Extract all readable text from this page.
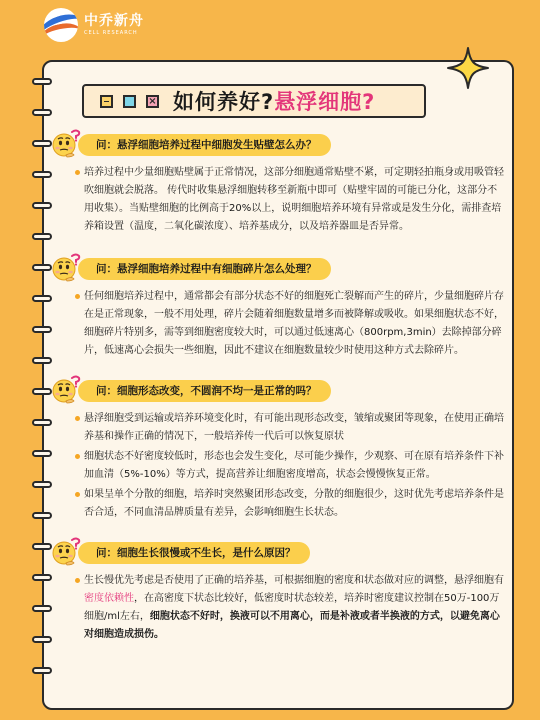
中乔新舟
CELL RESEARCH
× 如何养好?悬浮细胞?
问：悬浮细胞培养过程中细胞发生贴壁怎么办？
培养过程中少量细胞贴壁属于正常情况，这部分细胞通常贴壁不紧，可定期轻拍瓶身或用吸管轻吹细胞就会脱落。 传代时收集悬浮细胞转移至新瓶中即可（贴壁牢固的可能已分化，这部分不用收集）。当贴壁细胞的比例高于20%以上，说明细胞培养环境有异常或是发生分化，需排查培养箱设置（温度，二氧化碳浓度）、培养基成分，以及培养器皿是否异常。
问：悬浮细胞培养过程中有细胞碎片怎么处理？
任何细胞培养过程中，通常都会有部分状态不好的细胞死亡裂解而产生的碎片，少量细胞碎片存在是正常现象，一般不用处理，碎片会随着细胞数量增多而被降解或吸收。如果细胞状态不好，细胞碎片特别多，需等到细胞密度较大时，可以通过低速离心（800rpm,3min）去除掉部分碎片，低速离心会损失一些细胞，因此不建议在细胞数量较少时使用这种方式去除碎片。
问：细胞形态改变，不圆润不均一是正常的吗？
悬浮细胞受到运输或培养环境变化时，有可能出现形态改变，皱缩或聚团等现象，在使用正确培养基和操作正确的情况下，一般培养传一代后可以恢复原状
细胞状态不好密度较低时，形态也会发生变化，尽可能少操作，少观察、可在原有培养条件下补加血清（5%-10%）等方式，提高营养让细胞密度增高，状态会慢慢恢复正常。
如果呈单个分散的细胞，培养时突然聚团形态改变，分散的细胞很少，这时优先考虑培养条件是否合适，不同血清品牌质量有差异，会影响细胞生长状态。
问：细胞生长很慢或不生长，是什么原因？
生长慢优先考虑是否使用了正确的培养基，可根据细胞的密度和状态做对应的调整，悬浮细胞有密度依赖性，在高密度下状态比较好，低密度时状态较差，培养时密度建议控制在50万-100万细胞/ml左右，细胞状态不好时，换液可以不用离心，而是补液或者半换液的方式，以避免离心对细胞造成损伤。
